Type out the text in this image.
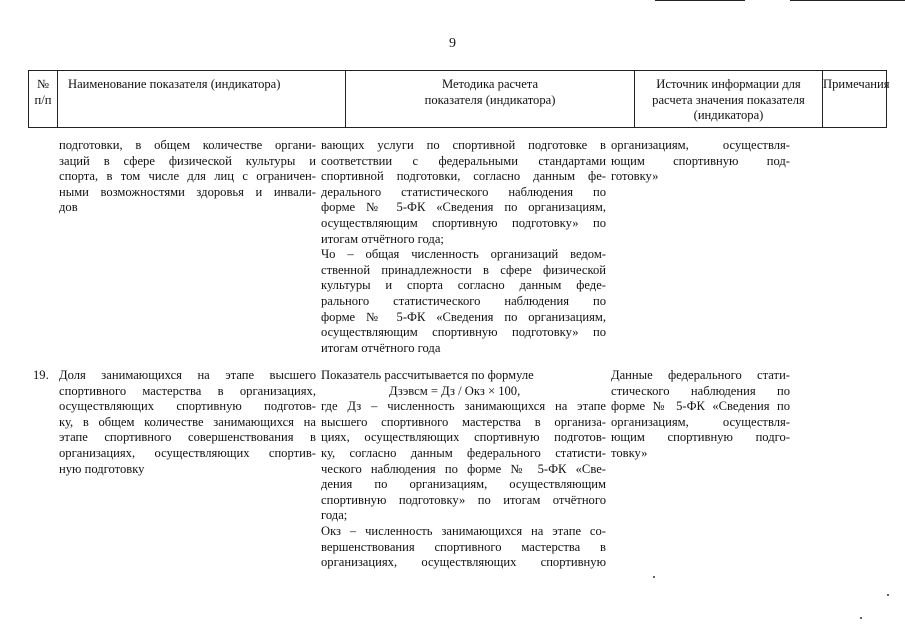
9
№
п/п
Наименование показателя (индикатора)	Методика расчета
показателя (индикатора)
Источник информации для
расчета значения показателя
(индикатора)
Примечания
подготовки, в общем количестве органи-
заций в сфере физической культуры и
спорта, в том числе для лиц с ограничен-
ными возможностями здоровья и инвали-
дов
вающих услуги по спортивной подготовке в
соответствии с федеральными стандартами
спортивной подготовки, согласно данным фе-
дерального статистического наблюдения по
форме № 5-ФК «Сведения по организациям,
осуществляющим спортивную подготовку» по
итогам отчётного года;
Чо – общая численность организаций ведом-
ственной принадлежности в сфере физической
культуры и спорта согласно данным феде-
рального статистического наблюдения по
форме № 5-ФК «Сведения по организациям,
осуществляющим спортивную подготовку» по
итогам отчётного года
организациям, осуществля-
ющим спортивную под-
готовку»
19. Доля занимающихся на этапе высшего
спортивного мастерства в организациях,
осуществляющих спортивную подготов-
ку, в общем количестве занимающихся на
этапе спортивного совершенствования в
организациях, осуществляющих спортив-
ную подготовку
Показатель рассчитывается по формуле
Дзэвсм = Дз / Окз × 100,
где Дз – численность занимающихся на этапе
высшего спортивного мастерства в организа-
циях, осуществляющих спортивную подготов-
ку, согласно данным федерального статисти-
ческого наблюдения по форме № 5-ФК «Све-
дения по организациям, осуществляющим
спортивную подготовку» по итогам отчётного
года;
Окз – численность занимающихся на этапе со-
вершенствования спортивного мастерства в
организациях, осуществляющих спортивную
Данные федерального стати-
стического наблюдения по
форме № 5-ФК «Сведения по
организациям, осуществля-
ющим спортивную подго-
товку»
